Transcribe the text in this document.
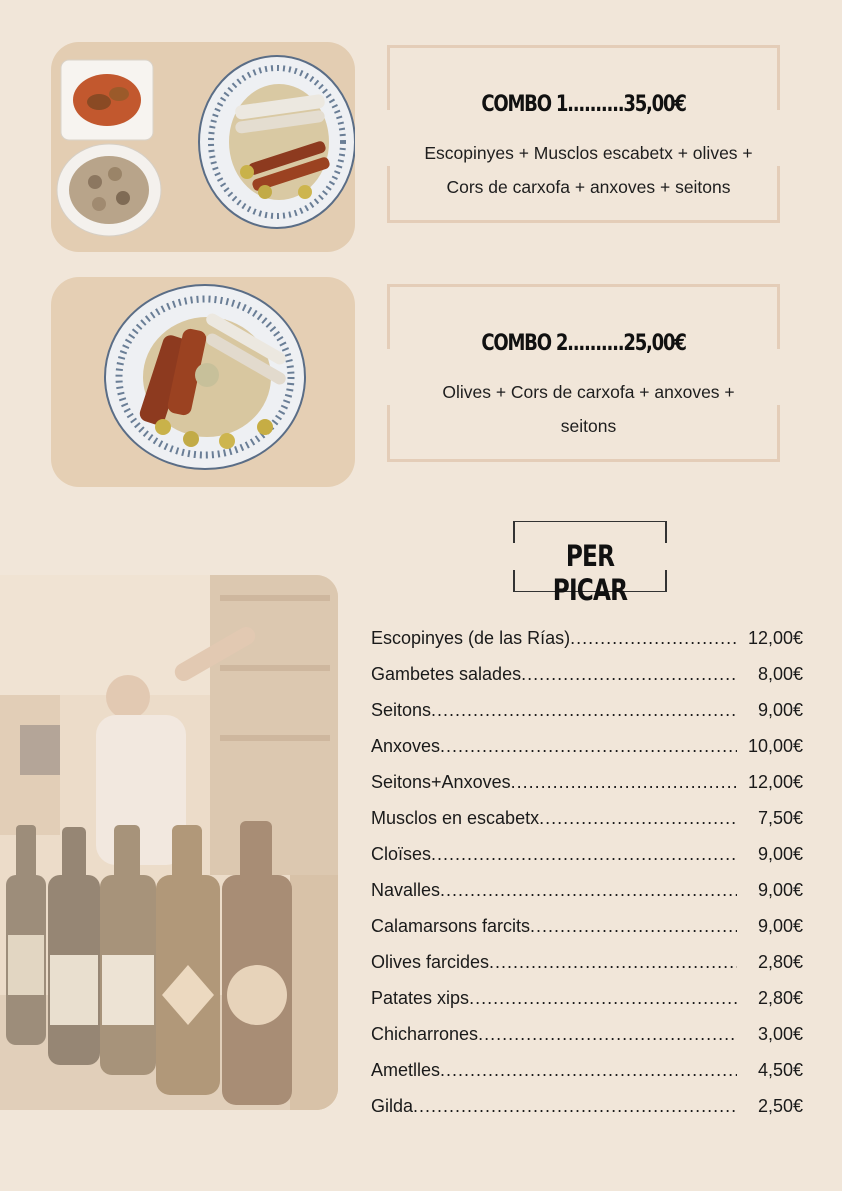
COMBO 1..........35,00€
Escopinyes + Musclos escabetx + olives + Cors de carxofa + anxoves + seitons
COMBO 2..........25,00€
Olives + Cors de carxofa + anxoves + seitons
PER PICAR
Escopinyes (de las Rías) .....	12,00€
Gambetes salades .....	8,00€
Seitons .....	9,00€
Anxoves .....	10,00€
Seitons+Anxoves .....	12,00€
Musclos en escabetx .....	7,50€
Cloïses .....	9,00€
Navalles .....	9,00€
Calamarsons farcits .....	9,00€
Olives farcides .....	2,80€
Patates xips .....	2,80€
Chicharrones .....	3,00€
Ametlles .....	4,50€
Gilda .....	2,50€
